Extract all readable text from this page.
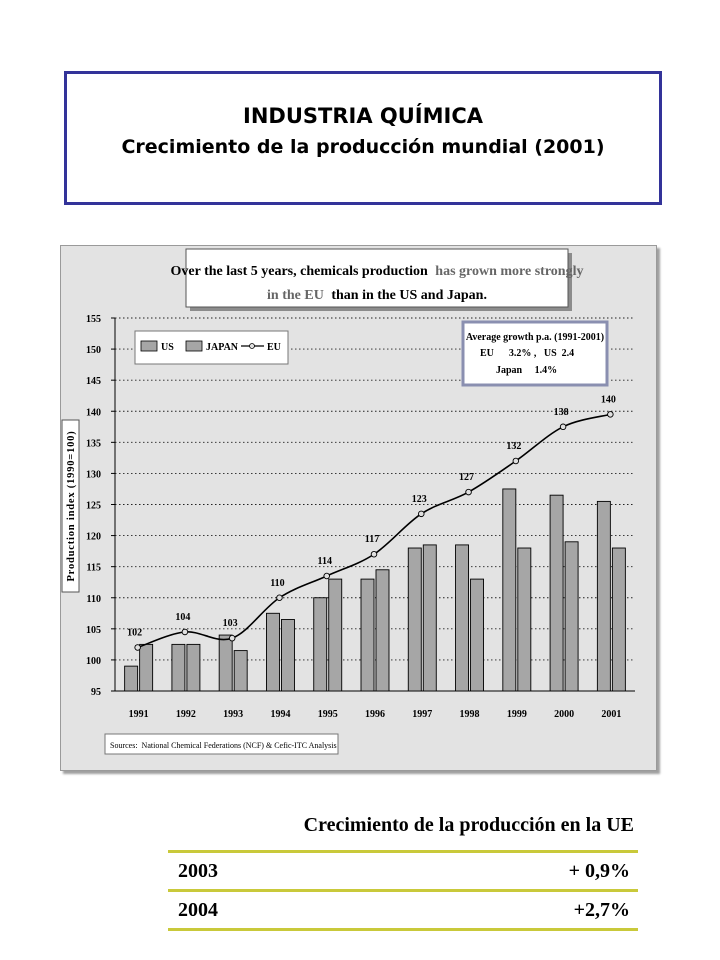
INDUSTRIA QUÍMICA
Crecimiento de la producción mundial (2001)
Over the last 5 years, chemicals production has grown more strongly
in the EU than in the US and Japan.
Production index (1990=100)
95
100
105
110
115
120
125
130
135
140
145
150
155
1991	1992	1993	1994	1995	1996	1997	1998	1999	2000	2001
102
104
103
110
114
117
123
127
132
138
140
US	JAPAN	EU
Average growth p.a. (1991-2001)
EU      3.2% ,   US  2.4
Japan     1.4%
Sources:  National Chemical Federations (NCF) & Cefic-ITC Analysis
Crecimiento de la producción en la UE
2003	+ 0,9%
2004	+2,7%
